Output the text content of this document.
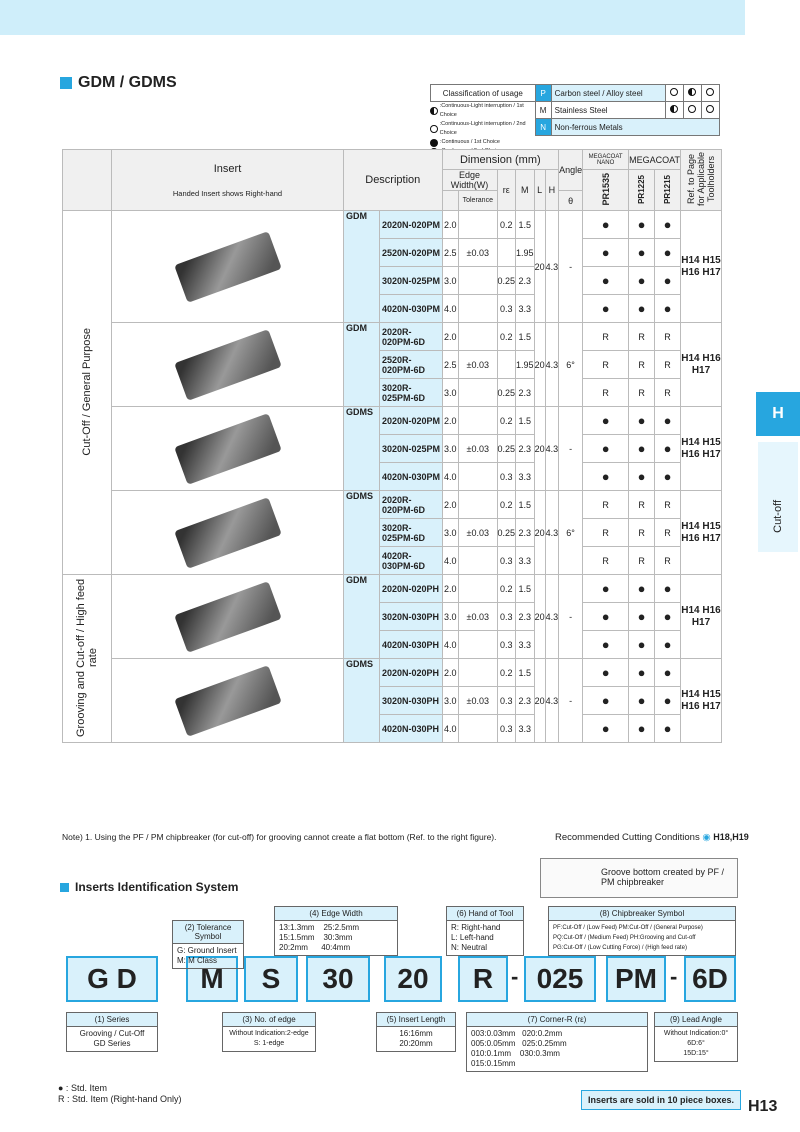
GDM / GDMS
Classification of usage	P	Carbon steel / Alloy steel			
	M	Stainless Steel			
	N	Non-ferrous Metals			
:Continuous-Light interruption / 1st Choice
:Continuous-Light interruption / 2nd Choice
:Continuous / 1st Choice

	Insert
Handed Insert shows Right-hand	Description		Dimension (mm)						Angle	MEGACOAT NANO	MEGACOAT		Ref. to Page for Applicable Toolholders
				Edge Width(W)		rε	M	L	H		PR1535	PR1225	PR1215	
					Tolerance					θ				
Cut-Off / General Purpose		GDM	2020N-020PM	2.0		0.2	1.5	20	4.3	-	●	●	●	H14 H15 H16 H17
			2520N-020PM	2.5	±0.03		1.95				●	●	●	
			3020N-025PM	3.0		0.25	2.3				●	●	●	
			4020N-030PM	4.0		0.3	3.3				●	●	●	

		GDM	2020R-020PM-6D	2.0		0.2	1.5	20	4.3	6°	R	R	R	H14 H16 H17
			2520R-020PM-6D	2.5	±0.03		1.95				R	R	R	
			3020R-025PM-6D	3.0		0.25	2.3				R	R	R	

		GDMS	2020N-020PM	2.0		0.2	1.5	20	4.3	-	●	●	●	H14 H15 H16 H17
			3020N-025PM	3.0	±0.03	0.25	2.3				●	●	●	
			4020N-030PM	4.0		0.3	3.3				●	●	●	

		GDMS	2020R-020PM-6D	2.0		0.2	1.5	20	4.3	6°	R	R	R	H14 H15 H16 H17
			3020R-025PM-6D	3.0	±0.03	0.25	2.3				R	R	R	
			4020R-030PM-6D	4.0		0.3	3.3				R	R	R	
Grooving and Cut-off / High feed rate		GDM	2020N-020PH	2.0		0.2	1.5	20	4.3	-	●	●	●	H14 H16 H17
			3020N-030PH	3.0	±0.03	0.3	2.3				●	●	●	
			4020N-030PH	4.0		0.3	3.3				●	●	●	

		GDMS	2020N-020PH	2.0		0.2	1.5	20	4.3	-	●	●	●	H14 H15 H16 H17
			3020N-030PH	3.0	±0.03	0.3	2.3				●	●	●	
			4020N-030PH	4.0		0.3	3.3				●	●	●	
H
Cut-off
Note) 1. Using the PF / PM chipbreaker (for cut-off) for grooving cannot create a flat bottom (Ref. to the right figure).	Recommended Cutting Conditions ◉ H18,H19
Groove bottom created by PF / PM chipbreaker
Inserts Identification System
G
D	M	S	30	20	R - 025	PM - 6D
(2) Tolerance Symbol
G: Ground Insert
M: M Class
(4) Edge Width
13:1.3mm    25:2.5mm
15:1.5mm    30:3mm
20:2mm      40:4mm
(6) Hand of Tool
R: Right-hand
L: Left-hand
N: Neutral
(8) Chipbreaker Symbol
PF:Cut-Off / (Low Feed) PM:Cut-Off / (General Purpose)
PQ:Cut-Off / (Medium Feed) PH:Grooving and Cut-off
PG:Cut-Off / (Low Cutting Force) / (High feed rate)
(1) Series
Grooving / Cut-Off
GD Series
(3) No. of edge
Without Indication:2-edge
S: 1-edge
(5) Insert Length
16:16mm
20:20mm
(7) Corner-R (rε)
003:0.03mm   020:0.2mm
005:0.05mm   025:0.25mm
010:0.1mm    030:0.3mm
015:0.15mm
(9) Lead Angle
Without Indication:0°
6D:6°
15D:15°
● : Std. Item
R : Std. Item (Right-hand Only)	Inserts are sold in 10 piece boxes. H13
